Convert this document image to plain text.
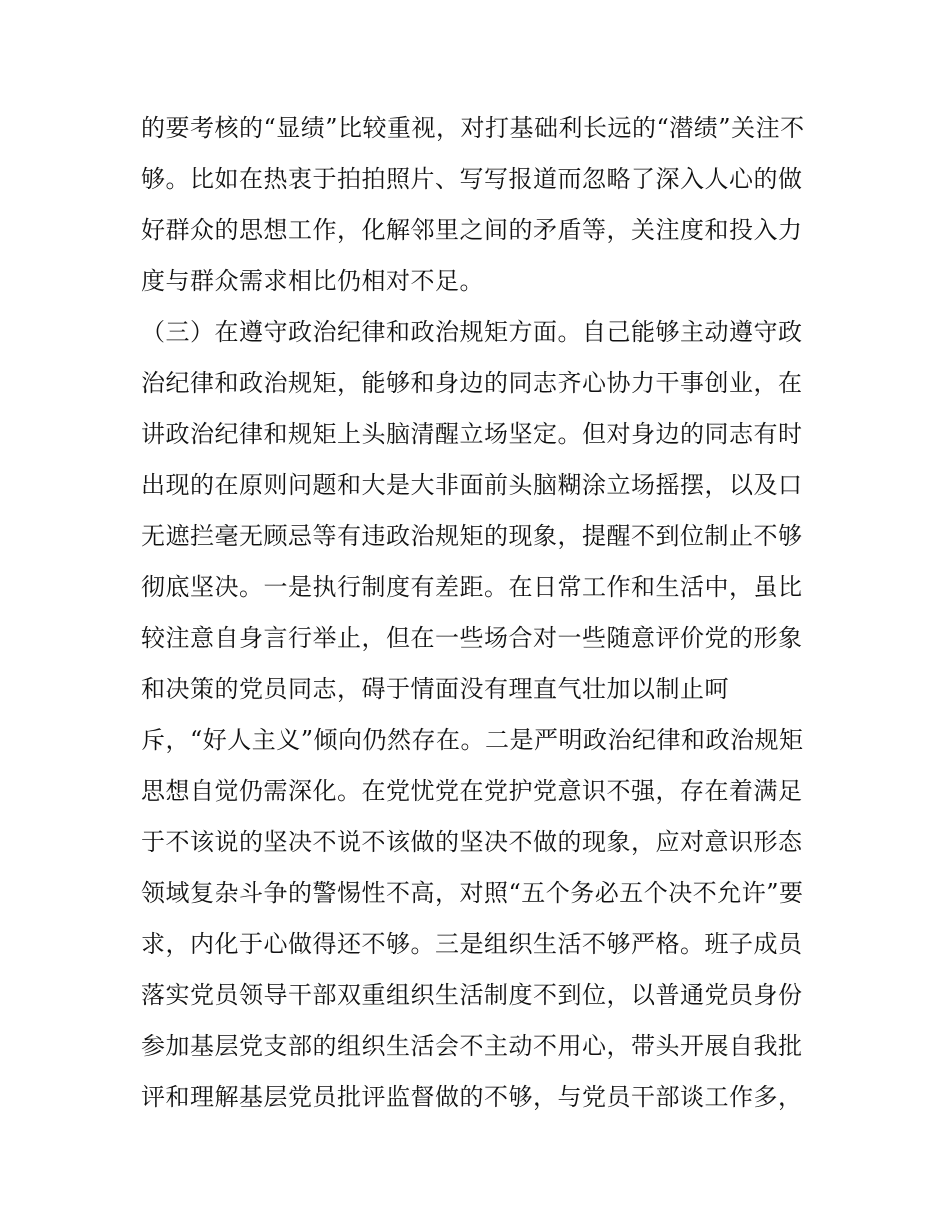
的要考核的“显绩”比较重视，对打基础利长远的“潜绩”关注不
够。比如在热衷于拍拍照片、写写报道而忽略了深入人心的做
好群众的思想工作，化解邻里之间的矛盾等，关注度和投入力
度与群众需求相比仍相对不足。
（三）在遵守政治纪律和政治规矩方面。自己能够主动遵守政
治纪律和政治规矩，能够和身边的同志齐心协力干事创业，在
讲政治纪律和规矩上头脑清醒立场坚定。但对身边的同志有时
出现的在原则问题和大是大非面前头脑糊涂立场摇摆，以及口
无遮拦毫无顾忌等有违政治规矩的现象，提醒不到位制止不够
彻底坚决。一是执行制度有差距。在日常工作和生活中，虽比
较注意自身言行举止，但在一些场合对一些随意评价党的形象
和决策的党员同志，碍于情面没有理直气壮加以制止呵
斥，“好人主义”倾向仍然存在。二是严明政治纪律和政治规矩
思想自觉仍需深化。在党忧党在党护党意识不强，存在着满足
于不该说的坚决不说不该做的坚决不做的现象，应对意识形态
领域复杂斗争的警惕性不高，对照“五个务必五个决不允许”要
求，内化于心做得还不够。三是组织生活不够严格。班子成员
落实党员领导干部双重组织生活制度不到位，以普通党员身份
参加基层党支部的组织生活会不主动不用心，带头开展自我批
评和理解基层党员批评监督做的不够，与党员干部谈工作多，
